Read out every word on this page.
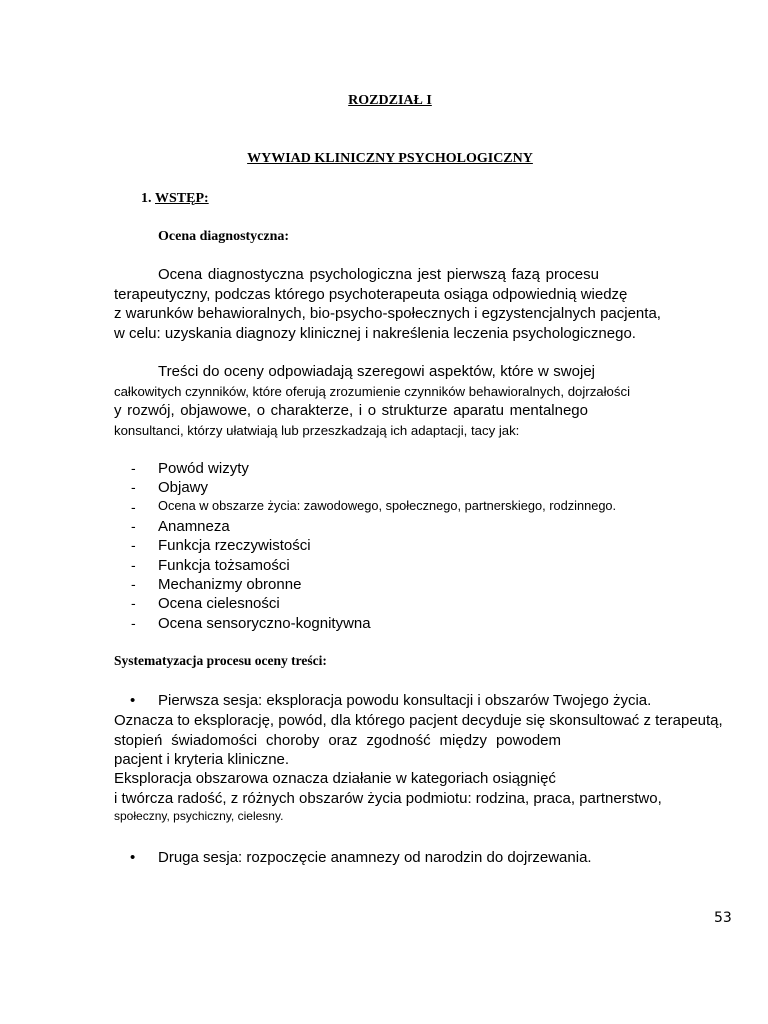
ROZDZIAŁ I
WYWIAD KLINICZNY PSYCHOLOGICZNY
1. WSTĘP:
Ocena diagnostyczna:
Ocena diagnostyczna psychologiczna jest pierwszą fazą procesu
terapeutyczny, podczas którego psychoterapeuta osiąga odpowiednią wiedzę
z warunków behawioralnych, bio-psycho-społecznych i egzystencjalnych pacjenta,
w celu: uzyskania diagnozy klinicznej i nakreślenia leczenia psychologicznego.
Treści do oceny odpowiadają szeregowi aspektów, które w swojej
całkowitych czynników, które oferują zrozumienie czynników behawioralnych, dojrzałości
y rozwój, objawowe, o charakterze, i o strukturze aparatu mentalnego
konsultanci, którzy ułatwiają lub przeszkadzają ich adaptacji, tacy jak:
- Powód wizyty
- Objawy
- Ocena w obszarze życia: zawodowego, społecznego, partnerskiego, rodzinnego.
- Anamneza
- Funkcja rzeczywistości
- Funkcja tożsamości
- Mechanizmy obronne
- Ocena cielesności
- Ocena sensoryczno-kognitywna
Systematyzacja procesu oceny treści:
• Pierwsza sesja: eksploracja powodu konsultacji i obszarów Twojego życia.
Oznacza to eksplorację, powód, dla którego pacjent decyduje się skonsultować z terapeutą,
stopień świadomości choroby oraz zgodność między powodem
pacjent i kryteria kliniczne.
Eksploracja obszarowa oznacza działanie w kategoriach osiągnięć
i twórcza radość, z różnych obszarów życia podmiotu: rodzina, praca, partnerstwo,
społeczny, psychiczny, cielesny.
• Druga sesja: rozpoczęcie anamnezy od narodzin do dojrzewania.
53
